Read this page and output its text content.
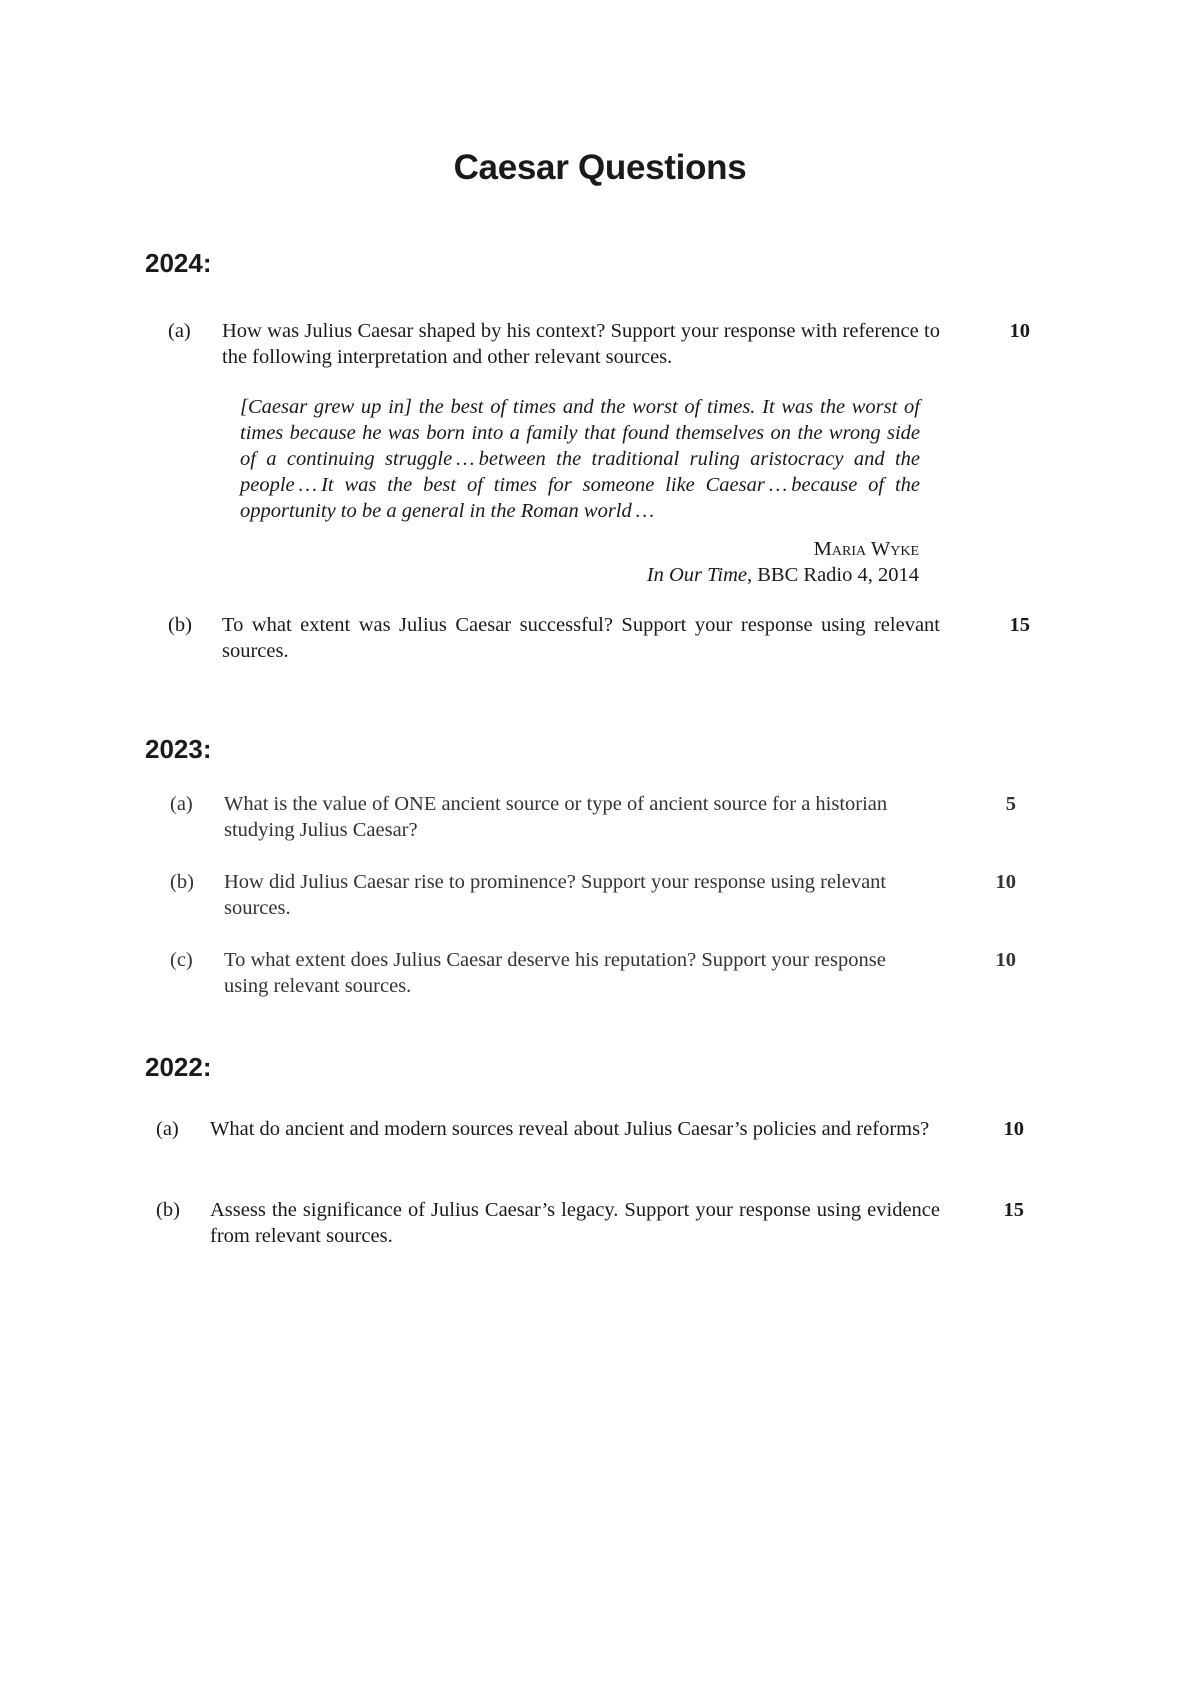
Caesar Questions
2024:
(a) How was Julius Caesar shaped by his context? Support your response with reference to the following interpretation and other relevant sources.
10

[Caesar grew up in] the best of times and the worst of times. It was the worst of times because he was born into a family that found themselves on the wrong side of a continuing struggle … between the traditional ruling aristocracy and the people … It was the best of times for someone like Caesar … because of the opportunity to be a general in the Roman world …

Maria Wyke
In Our Time, BBC Radio 4, 2014
(b) To what extent was Julius Caesar successful? Support your response using relevant sources.
15
2023:
(a) What is the value of ONE ancient source or type of ancient source for a historian studying Julius Caesar?
5
(b) How did Julius Caesar rise to prominence? Support your response using relevant sources.
10
(c) To what extent does Julius Caesar deserve his reputation? Support your response using relevant sources.
10
2022:
(a) What do ancient and modern sources reveal about Julius Caesar’s policies and reforms?	10
(b) Assess the significance of Julius Caesar’s legacy. Support your response using evidence from relevant sources.
15
